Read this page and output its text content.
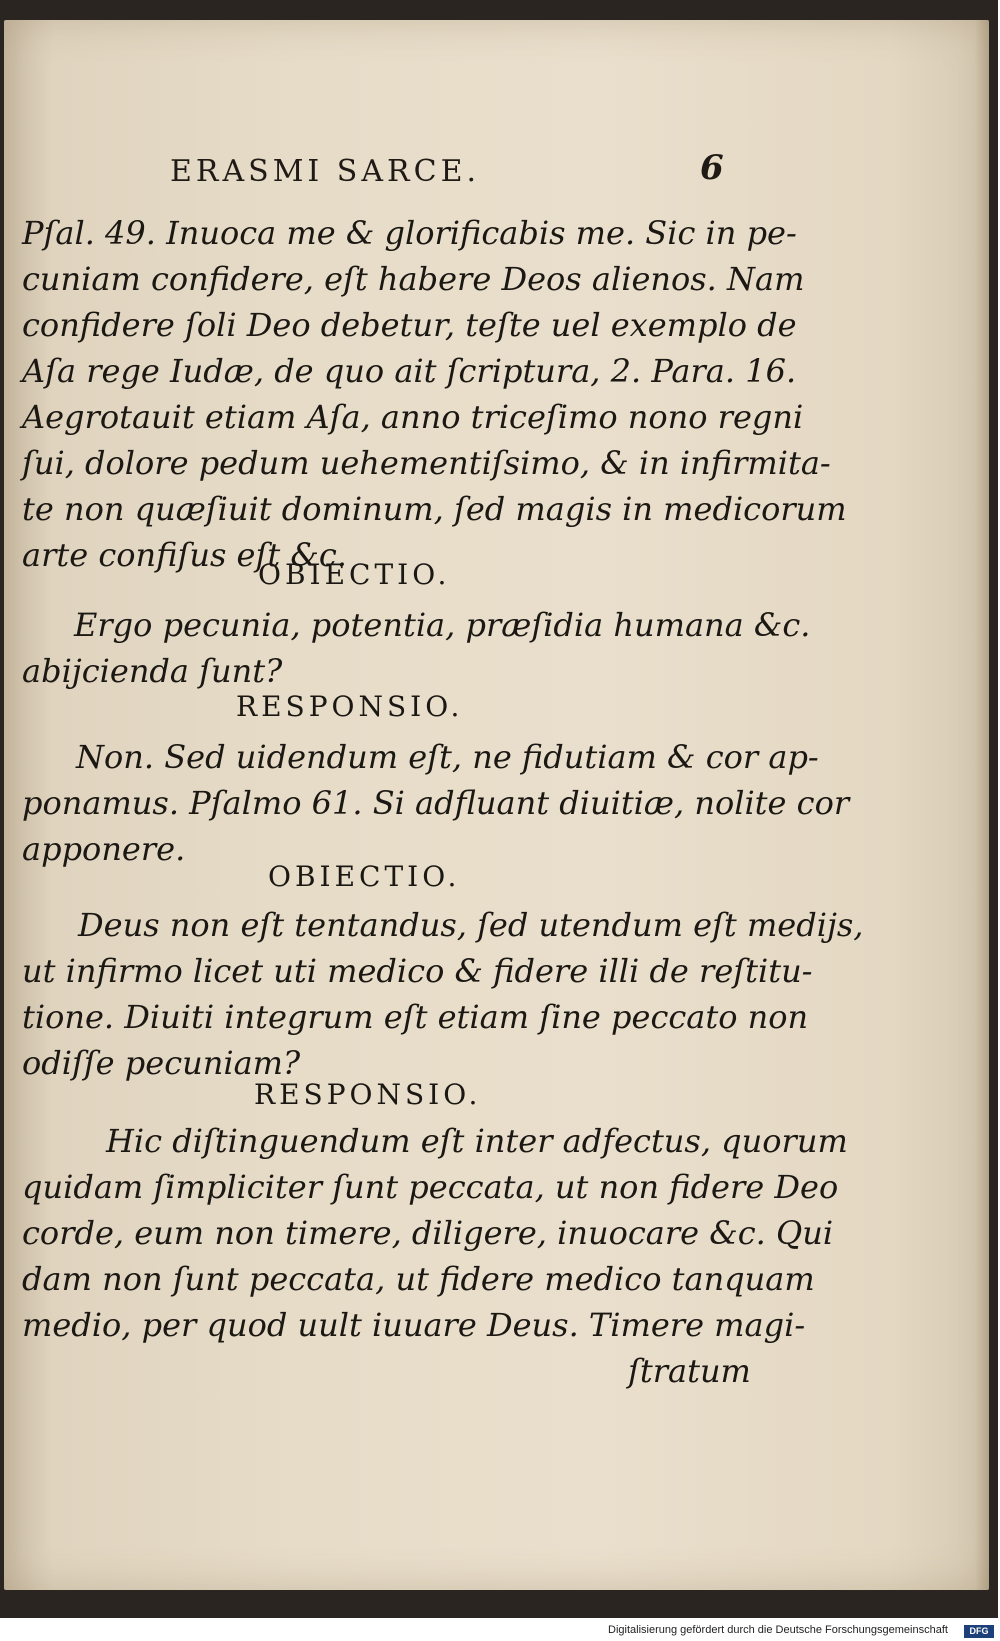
ERASMI SARCE.	6
Pſal. 49. Inuoca me & glorificabis me. Sic in pe-
cuniam confidere, eſt habere Deos alienos. Nam
confidere ſoli Deo debetur, teſte uel exemplo de
Aſa rege Iudæ, de quo ait ſcriptura, 2. Para. 16.
Aegrotauit etiam Aſa, anno triceſimo nono regni
ſui, dolore pedum uehementiſsimo, & in infirmita-
te non quæſiuit dominum, ſed magis in medicorum
arte confiſus eſt &c.
OBIECTIO.
Ergo pecunia, potentia, præſidia humana &c.
abijcienda ſunt?
RESPONSIO.
Non. Sed uidendum eſt, ne fidutiam & cor ap-
ponamus. Pſalmo 61. Si adfluant diuitiæ, nolite cor
apponere.
OBIECTIO.
Deus non eſt tentandus, ſed utendum eſt medijs,
ut infirmo licet uti medico & fidere illi de reſtitu-
tione. Diuiti integrum eſt etiam ſine peccato non
odiſſe pecuniam?
RESPONSIO.
Hic diſtinguendum eſt inter adfectus, quorum
quidam ſimpliciter ſunt peccata, ut non fidere Deo
corde, eum non timere, diligere, inuocare &c. Qui
dam non ſunt peccata, ut fidere medico tanquam
medio, per quod uult iuuare Deus. Timere magi-
ſtratum
Digitalisierung gefördert durch die Deutsche Forschungsgemeinschaft	DFG
